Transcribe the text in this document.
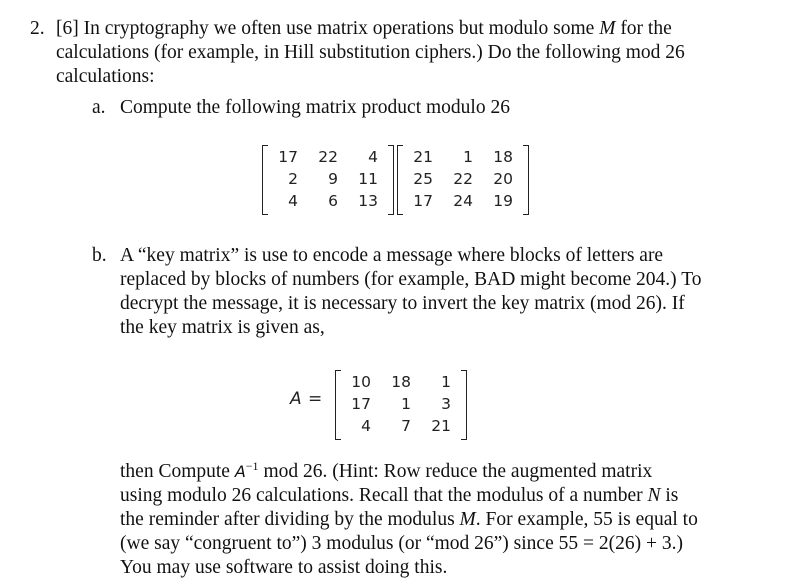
2. [6] In cryptography we often use matrix operations but modulo some M for the
calculations (for example, in Hill substitution ciphers.) Do the following mod 26
calculations:
a. Compute the following matrix product modulo 26
17	22	4
2	9	11
4	6	13
21	1	18
25	22	20
17	24	19
b. A “key matrix” is use to encode a message where blocks of letters are
replaced by blocks of numbers (for example, BAD might become 204.) To
decrypt the message, it is necessary to invert the key matrix (mod 26). If
the key matrix is given as,
A =
10	18	1
17	1	3
4	7	21
then Compute $A^{-1}$ mod 26. (Hint: Row reduce the augmented matrix
using modulo 26 calculations. Recall that the modulus of a number N is
the reminder after dividing by the modulus M. For example, 55 is equal to
(we say “congruent to”) 3 modulus (or “mod 26”) since 55 = 2(26) + 3.)
You may use software to assist doing this.
